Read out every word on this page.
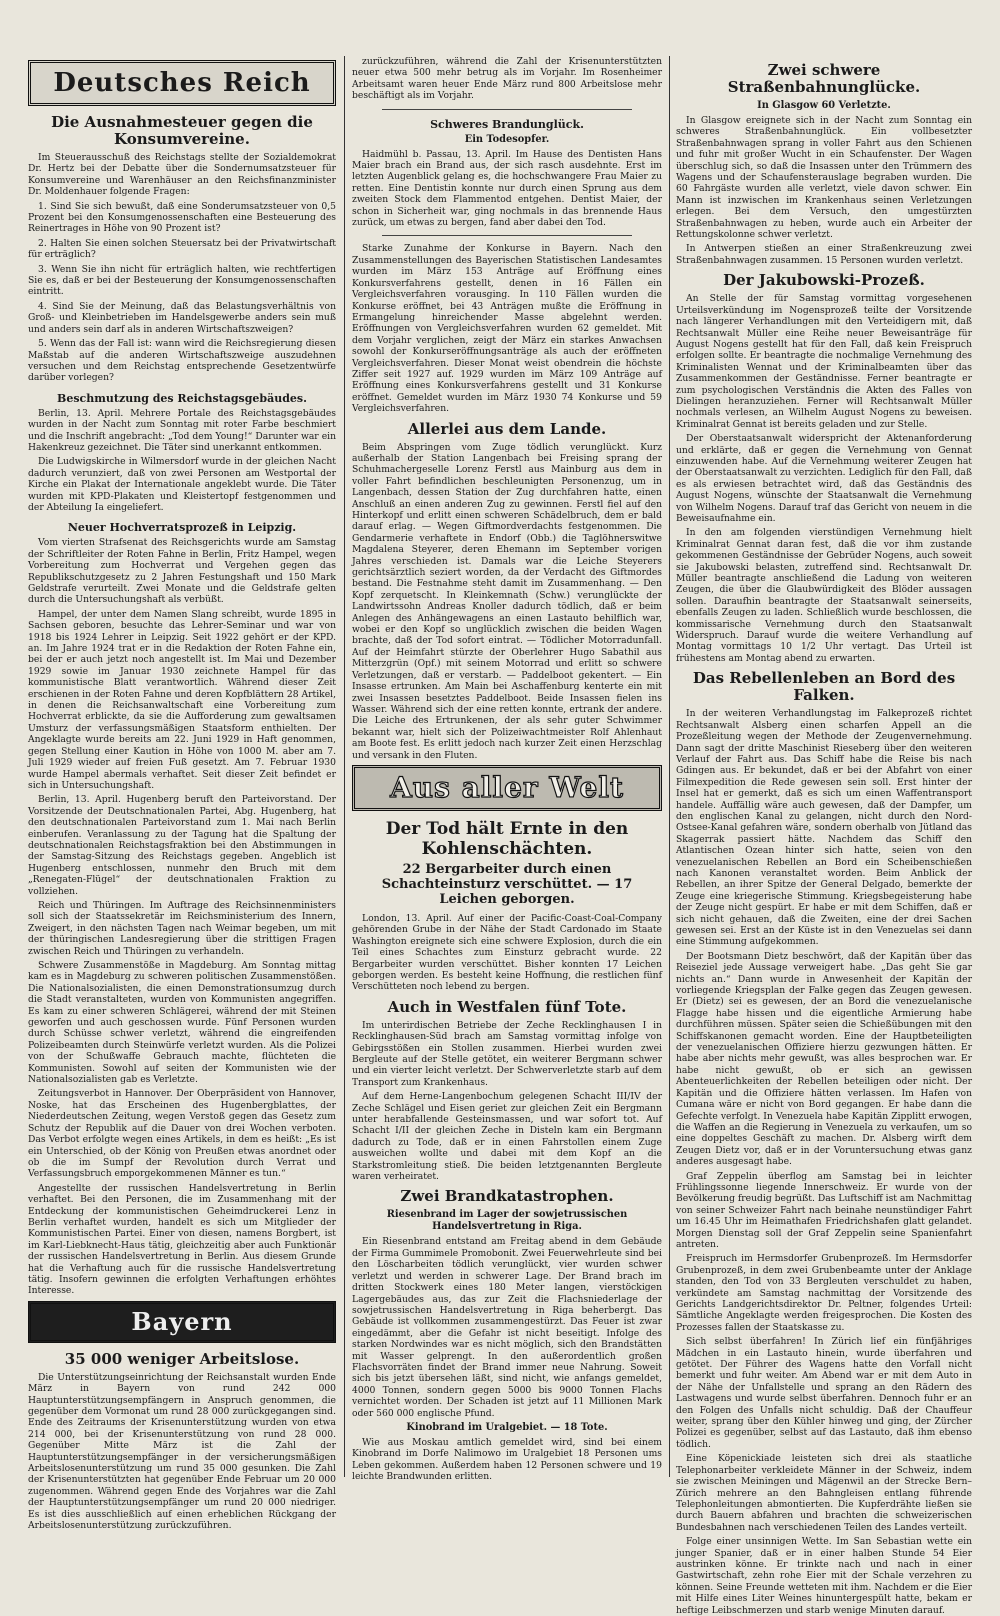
Deutsches Reich
Die Ausnahmesteuer gegen die Konsumvereine.

Im Steuerausschuß des Reichstags stellte der Sozialdemokrat Dr. Hertz bei der Debatte über die Sondernumsatzsteuer für Konsumvereine und Warenhäuser an den Reichsfinanzminister Dr. Moldenhauer folgende Fragen:

1. Sind Sie sich bewußt, daß eine Sonderumsatzsteuer von 0,5 Prozent bei den Konsumgenossenschaften eine Besteuerung des Reinertrages in Höhe von 90 Prozent ist?

2. Halten Sie einen solchen Steuersatz bei der Privatwirtschaft für erträglich?

3. Wenn Sie ihn nicht für erträglich halten, wie rechtfertigen Sie es, daß er bei der Besteuerung der Konsumgenossenschaften eintritt.

4. Sind Sie der Meinung, daß das Belastungsverhältnis von Groß- und Kleinbetrieben im Handelsgewerbe anders sein muß und anders sein darf als in anderen Wirtschaftszweigen?

5. Wenn das der Fall ist: wann wird die Reichsregierung diesen Maßstab auf die anderen Wirtschaftszweige auszudehnen versuchen und dem Reichstag entsprechende Gesetzentwürfe darüber vorlegen?

Beschmutzung des Reichstagsgebäudes.

Berlin, 13. April. Mehrere Portale des Reichstagsgebäudes wurden in der Nacht zum Sonntag mit roter Farbe beschmiert und die Inschrift angebracht: „Tod dem Young!“ Darunter war ein Hakenkreuz gezeichnet. Die Täter sind unerkannt entkommen.

Die Ludwigskirche in Wilmersdorf wurde in der gleichen Nacht dadurch verunziert, daß von zwei Personen am Westportal der Kirche ein Plakat der Internationale angeklebt wurde. Die Täter wurden mit KPD-Plakaten und Kleistertopf festgenommen und der Abteilung Ia eingeliefert.

Neuer Hochverratsprozeß in Leipzig.

Vom vierten Strafsenat des Reichsgerichts wurde am Samstag der Schriftleiter der Roten Fahne in Berlin, Fritz Hampel, wegen Vorbereitung zum Hochverrat und Vergehen gegen das Republikschutzgesetz zu 2 Jahren Festungshaft und 150 Mark Geldstrafe verurteilt. Zwei Monate und die Geldstrafe gelten durch die Untersuchungshaft als verbüßt.

Hampel, der unter dem Namen Slang schreibt, wurde 1895 in Sachsen geboren, besuchte das Lehrer-Seminar und war von 1918 bis 1924 Lehrer in Leipzig. Seit 1922 gehört er der KPD. an. Im Jahre 1924 trat er in die Redaktion der Roten Fahne ein, bei der er auch jetzt noch angestellt ist. Im Mai und Dezember 1929 sowie im Januar 1930 zeichnete Hampel für das kommunistische Blatt verantwortlich. Während dieser Zeit erschienen in der Roten Fahne und deren Kopfblättern 28 Artikel, in denen die Reichsanwaltschaft eine Vorbereitung zum Hochverrat erblickte, da sie die Aufforderung zum gewaltsamen Umsturz der verfassungsmäßigen Staatsform enthielten. Der Angeklagte wurde bereits am 22. Juni 1929 in Haft genommen, gegen Stellung einer Kaution in Höhe von 1000 M. aber am 7. Juli 1929 wieder auf freien Fuß gesetzt. Am 7. Februar 1930 wurde Hampel abermals verhaftet. Seit dieser Zeit befindet er sich in Untersuchungshaft.

Berlin, 13. April. Hugenberg beruft den Parteivorstand. Der Vorsitzende der Deutschnationalen Partei, Abg. Hugenberg, hat den deutschnationalen Parteivorstand zum 1. Mai nach Berlin einberufen. Veranlassung zu der Tagung hat die Spaltung der deutschnationalen Reichstagsfraktion bei den Abstimmungen in der Samstag-Sitzung des Reichstags gegeben. Angeblich ist Hugenberg entschlossen, nunmehr den Bruch mit dem „Renegaten-Flügel“ der deutschnationalen Fraktion zu vollziehen.

Reich und Thüringen. Im Auftrage des Reichsinnenministers soll sich der Staatssekretär im Reichsministerium des Innern, Zweigert, in den nächsten Tagen nach Weimar begeben, um mit der thüringischen Landesregierung über die strittigen Fragen zwischen Reich und Thüringen zu verhandeln.

Schwere Zusammenstöße in Magdeburg. Am Sonntag mittag kam es in Magdeburg zu schweren politischen Zusammenstößen. Die Nationalsozialisten, die einen Demonstrationsumzug durch die Stadt veranstalteten, wurden von Kommunisten angegriffen. Es kam zu einer schweren Schlägerei, während der mit Steinen geworfen und auch geschossen wurde. Fünf Personen wurden durch Schüsse schwer verletzt, während die eingreifenden Polizeibeamten durch Steinwürfe verletzt wurden. Als die Polizei von der Schußwaffe Gebrauch machte, flüchteten die Kommunisten. Sowohl auf seiten der Kommunisten wie der Nationalsozialisten gab es Verletzte.

Zeitungsverbot in Hannover. Der Oberpräsident von Hannover, Noske, hat das Erscheinen des Hugenbergblattes, der Niederdeutschen Zeitung, wegen Verstoß gegen das Gesetz zum Schutz der Republik auf die Dauer von drei Wochen verboten. Das Verbot erfolgte wegen eines Artikels, in dem es heißt: „Es ist ein Unterschied, ob der König von Preußen etwas anordnet oder ob die im Sumpf der Revolution durch Verrat und Verfassungsbruch emporgekommenen Männer es tun.“

Angestellte der russischen Handelsvertretung in Berlin verhaftet. Bei den Personen, die im Zusammenhang mit der Entdeckung der kommunistischen Geheimdruckerei Lenz in Berlin verhaftet wurden, handelt es sich um Mitglieder der Kommunistischen Partei. Einer von diesen, namens Borgbert, ist im Karl-Liebknecht-Haus tätig, gleichzeitig aber auch Funktionär der russischen Handelsvertretung in Berlin. Aus diesem Grunde hat die Verhaftung auch für die russische Handelsvertretung tätig. Insofern gewinnen die erfolgten Verhaftungen erhöhtes Interesse.

Bayern
35 000 weniger Arbeitslose.

Die Unterstützungseinrichtung der Reichsanstalt wurden Ende März in Bayern von rund 242 000 Hauptunterstützungsempfängern in Anspruch genommen, die gegenüber dem Vormonat um rund 28 000 zurückgegangen sind. Ende des Zeitraums der Krisenunterstützung wurden von etwa 214 000, bei der Krisenunterstützung von rund 28 000. Gegenüber Mitte März ist die Zahl der Hauptunterstützungsempfänger in der versicherungsmäßigen Arbeitslosenunterstützung um rund 35 000 gesunken. Die Zahl der Krisenunterstützten hat gegenüber Ende Februar um 20 000 zugenommen. Während gegen Ende des Vorjahres war die Zahl der Hauptunterstützungsempfänger um rund 20 000 niedriger. Es ist dies ausschließlich auf einen erheblichen Rückgang der Arbeitslosenunterstützung zurückzuführen.

zurückzuführen, während die Zahl der Krisenunterstützten neuer etwa 500 mehr betrug als im Vorjahr. Im Rosenheimer Arbeitsamt waren heuer Ende März rund 800 Arbeitslose mehr beschäftigt als im Vorjahr.

Schweres Brandunglück.
Ein Todesopfer.

Haidmühl b. Passau, 13. April. Im Hause des Dentisten Hans Maier brach ein Brand aus, der sich rasch ausdehnte. Erst im letzten Augenblick gelang es, die hochschwangere Frau Maier zu retten. Eine Dentistin konnte nur durch einen Sprung aus dem zweiten Stock dem Flammentod entgehen. Dentist Maier, der schon in Sicherheit war, ging nochmals in das brennende Haus zurück, um etwas zu bergen, fand aber dabei den Tod.

Starke Zunahme der Konkurse in Bayern. Nach den Zusammenstellungen des Bayerischen Statistischen Landesamtes wurden im März 153 Anträge auf Eröffnung eines Konkursverfahrens gestellt, denen in 16 Fällen ein Vergleichsverfahren vorausging. In 110 Fällen wurden die Konkurse eröffnet, bei 43 Anträgen mußte die Eröffnung in Ermangelung hinreichender Masse abgelehnt werden. Eröffnungen von Vergleichsverfahren wurden 62 gemeldet. Mit dem Vorjahr verglichen, zeigt der März ein starkes Anwachsen sowohl der Konkurseröffnungsanträge als auch der eröffneten Vergleichsverfahren. Dieser Monat weist obendrein die höchste Ziffer seit 1927 auf. 1929 wurden im März 109 Anträge auf Eröffnung eines Konkursverfahrens gestellt und 31 Konkurse eröffnet. Gemeldet wurden im März 1930 74 Konkurse und 59 Vergleichsverfahren.

Allerlei aus dem Lande.

Beim Abspringen vom Zuge tödlich verunglückt. Kurz außerhalb der Station Langenbach bei Freising sprang der Schuhmachergeselle Lorenz Ferstl aus Mainburg aus dem in voller Fahrt befindlichen beschleunigten Personenzug, um in Langenbach, dessen Station der Zug durchfahren hatte, einen Anschluß an einen anderen Zug zu gewinnen. Ferstl fiel auf den Hinterkopf und erlitt einen schweren Schädelbruch, dem er bald darauf erlag. — Wegen Giftmordverdachts festgenommen. Die Gendarmerie verhaftete in Endorf (Obb.) die Taglöhnerswitwe Magdalena Steyerer, deren Ehemann im September vorigen Jahres verschieden ist. Damals war die Leiche Steyerers gerichtsärztlich seziert worden, da der Verdacht des Giftmordes bestand. Die Festnahme steht damit im Zusammenhang. — Den Kopf zerquetscht. In Kleinkemnath (Schw.) verunglückte der Landwirtssohn Andreas Knoller dadurch tödlich, daß er beim Anlegen des Anhängewagens an einen Lastauto behilflich war, wobei er den Kopf so unglücklich zwischen die beiden Wagen brachte, daß der Tod sofort eintrat. — Tödlicher Motorradunfall. Auf der Heimfahrt stürzte der Oberlehrer Hugo Sabathil aus Mitterzgrün (Opf.) mit seinem Motorrad und erlitt so schwere Verletzungen, daß er verstarb. — Paddelboot gekentert. — Ein Insasse ertrunken. Am Main bei Aschaffenburg kenterte ein mit zwei Insassen besetztes Paddelboot. Beide Insassen fielen ins Wasser. Während sich der eine retten konnte, ertrank der andere. Die Leiche des Ertrunkenen, der als sehr guter Schwimmer bekannt war, hielt sich der Polizeiwachtmeister Rolf Ahlenhaut am Boote fest. Es erlitt jedoch nach kurzer Zeit einen Herzschlag und versank in den Fluten.

Aus aller Welt
Der Tod hält Ernte in den Kohlenschächten.
22 Bergarbeiter durch einen Schachteinsturz verschüttet. — 17 Leichen geborgen.

London, 13. April. Auf einer der Pacific-Coast-Coal-Company gehörenden Grube in der Nähe der Stadt Cardonado im Staate Washington ereignete sich eine schwere Explosion, durch die ein Teil eines Schachtes zum Einsturz gebracht wurde. 22 Bergarbeiter wurden verschüttet. Bisher konnten 17 Leichen geborgen werden. Es besteht keine Hoffnung, die restlichen fünf Verschütteten noch lebend zu bergen.

Auch in Westfalen fünf Tote.

Im unterirdischen Betriebe der Zeche Recklinghausen I in Recklinghausen-Süd brach am Samstag vormittag infolge von Gebirgsstößen ein Stollen zusammen. Hierbei wurden zwei Bergleute auf der Stelle getötet, ein weiterer Bergmann schwer und ein vierter leicht verletzt. Der Schwerverletzte starb auf dem Transport zum Krankenhaus.

Auf dem Herne-Langenbochum gelegenen Schacht III/IV der Zeche Schlägel und Eisen geriet zur gleichen Zeit ein Bergmann unter herabfallende Gesteinsmassen, und war sofort tot. Auf Schacht I/II der gleichen Zeche in Disteln kam ein Bergmann dadurch zu Tode, daß er in einen Fahrstollen einem Zuge ausweichen wollte und dabei mit dem Kopf an die Starkstromleitung stieß. Die beiden letztgenannten Bergleute waren verheiratet.

Zwei Brandkatastrophen.
Riesenbrand im Lager der sowjetrussischen Handelsvertretung in Riga.

Ein Riesenbrand entstand am Freitag abend in dem Gebäude der Firma Gummimele Promobonit. Zwei Feuerwehrleute sind bei den Löscharbeiten tödlich verunglückt, vier wurden schwer verletzt und werden in schwerer Lage. Der Brand brach im dritten Stockwerk eines 180 Meter langen, vierstöckigen Lagergebäudes aus, das zur Zeit die Flachsniederlage der sowjetrussischen Handelsvertretung in Riga beherbergt. Das Gebäude ist vollkommen zusammengestürzt. Das Feuer ist zwar eingedämmt, aber die Gefahr ist nicht beseitigt. Infolge des starken Nordwindes war es nicht möglich, sich den Brandstätten mit Wasser gelprengt. In den außerordentlich großen Flachsvorräten findet der Brand immer neue Nahrung. Soweit sich bis jetzt übersehen läßt, sind nicht, wie anfangs gemeldet, 4000 Tonnen, sondern gegen 5000 bis 9000 Tonnen Flachs vernichtet worden. Der Schaden ist jetzt auf 11 Millionen Mark oder 560 000 englische Pfund.

Kinobrand im Uralgebiet. — 18 Tote.

Wie aus Moskau amtlich gemeldet wird, sind bei einem Kinobrand im Dorfe Nalimowo im Uralgebiet 18 Personen ums Leben gekommen. Außerdem haben 12 Personen schwere und 19 leichte Brandwunden erlitten.

Zwei schwere Straßenbahnunglücke.
In Glasgow 60 Verletzte.

In Glasgow ereignete sich in der Nacht zum Sonntag ein schweres Straßenbahnunglück. Ein vollbesetzter Straßenbahnwagen sprang in voller Fahrt aus den Schienen und fuhr mit großer Wucht in ein Schaufenster. Der Wagen überschlug sich, so daß die Insassen unter den Trümmern des Wagens und der Schaufensterauslage begraben wurden. Die 60 Fahrgäste wurden alle verletzt, viele davon schwer. Ein Mann ist inzwischen im Krankenhaus seinen Verletzungen erlegen. Bei dem Versuch, den umgestürzten Straßenbahnwagen zu heben, wurde auch ein Arbeiter der Rettungskolonne schwer verletzt.

In Antwerpen stießen an einer Straßenkreuzung zwei Straßenbahnwagen zusammen. 15 Personen wurden verletzt.

Der Jakubowski-Prozeß.

An Stelle der für Samstag vormittag vorgesehenen Urteilsverkündung im Nogensprozeß teilte der Vorsitzende nach längerer Verhandlungen mit den Verteidigern mit, daß Rechtsanwalt Müller eine Reihe neuer Beweisanträge für August Nogens gestellt hat für den Fall, daß kein Freispruch erfolgen sollte. Er beantragte die nochmalige Vernehmung des Kriminalisten Wennat und der Kriminalbeamten über das Zusammenkommen der Geständnisse. Ferner beantragte er zum psychologischen Verständnis die Akten des Falles von Dielingen heranzuziehen. Ferner will Rechtsanwalt Müller nochmals verlesen, an Wilhelm August Nogens zu beweisen. Kriminalrat Gennat ist bereits geladen und zur Stelle.

Der Oberstaatsanwalt widerspricht der Aktenanforderung und erklärte, daß er gegen die Vernehmung von Gennat einzuwenden habe. Auf die Vernehmung weiterer Zeugen hat der Oberstaatsanwalt zu verzichten. Lediglich für den Fall, daß es als erwiesen betrachtet wird, daß das Geständnis des August Nogens, wünschte der Staatsanwalt die Vernehmung von Wilhelm Nogens. Darauf traf das Gericht von neuem in die Beweisaufnahme ein.

In den am folgenden vierstündigen Vernehmung hielt Kriminalrat Gennat daran fest, daß die vor ihm zustande gekommenen Geständnisse der Gebrüder Nogens, auch soweit sie Jakubowski belasten, zutreffend sind. Rechtsanwalt Dr. Müller beantragte anschließend die Ladung von weiteren Zeugen, die über die Glaubwürdigkeit des Blöder aussagen sollen. Daraufhin beantragte der Staatsanwalt seinerseits, ebenfalls Zeugen zu laden. Schließlich wurde beschlossen, die kommissarische Vernehmung durch den Staatsanwalt Widerspruch. Darauf wurde die weitere Verhandlung auf Montag vormittags 10 1/2 Uhr vertagt. Das Urteil ist frühestens am Montag abend zu erwarten.

Das Rebellenleben an Bord des Falken.

In der weiteren Verhandlungstag im Falkeprozeß richtet Rechtsanwalt Alsberg einen scharfen Appell an die Prozeßleitung wegen der Methode der Zeugenvernehmung. Dann sagt der dritte Maschinist Rieseberg über den weiteren Verlauf der Fahrt aus. Das Schiff habe die Reise bis nach Gdingen aus. Er bekundet, daß er bei der Abfahrt von einer Filmexpedition die Rede gewesen sein soll. Erst hinter der Insel hat er gemerkt, daß es sich um einen Waffentransport handele. Auffällig wäre auch gewesen, daß der Dampfer, um den englischen Kanal zu gelangen, nicht durch den Nord-Ostsee-Kanal gefahren wäre, sondern oberhalb von Jütland das Skagerrak passiert hätte. Nachdem das Schiff den Atlantischen Ozean hinter sich hatte, seien von den venezuelanischen Rebellen an Bord ein Scheibenschießen nach Kanonen veranstaltet worden. Beim Anblick der Rebellen, an ihrer Spitze der General Delgado, bemerkte der Zeuge eine kriegerische Stimmung. Kriegsbegeisterung habe der Zeuge nicht gespürt. Er habe er mit dem Schiffen, daß er sich nicht gehauen, daß die Zweiten, eine der drei Sachen gewesen sei. Erst an der Küste ist in den Venezuelas sei dann eine Stimmung aufgekommen.

Der Bootsmann Dietz beschwört, daß der Kapitän über das Reiseziel jede Aussage verweigert habe. „Das geht Sie gar nichts an.“ Dann wurde in Anwesenheit der Kapitän der vorliegende Kriegsplan der Falke gegen das Zeugen gewesen. Er (Dietz) sei es gewesen, der an Bord die venezuelanische Flagge habe hissen und die eigentliche Armierung habe durchführen müssen. Später seien die Schießübungen mit den Schiffskanonen gemacht worden. Eine der Hauptbeteiligten der venezuelanischen Offiziere hierzu gezwungen hätten. Er habe aber nichts mehr gewußt, was alles besprochen war. Er habe nicht gewußt, ob er sich an gewissen Abenteuerlichkeiten der Rebellen beteiligen oder nicht. Der Kapitän und die Offiziere hätten verlassen. Im Hafen von Cumana wäre er nicht von Bord gegangen. Er habe dann die Gefechte verfolgt. In Venezuela habe Kapitän Zipplitt erwogen, die Waffen an die Regierung in Venezuela zu verkaufen, um so eine doppeltes Geschäft zu machen. Dr. Alsberg wirft dem Zeugen Dietz vor, daß er in der Voruntersuchung etwas ganz anderes ausgesagt habe.

Graf Zeppelin überflog am Samstag bei in leichter Frühlingssonne liegende Innerschweiz. Er wurde von der Bevölkerung freudig begrüßt. Das Luftschiff ist am Nachmittag von seiner Schweizer Fahrt nach beinahe neunstündiger Fahrt um 16.45 Uhr im Heimathafen Friedrichshafen glatt gelandet. Morgen Dienstag soll der Graf Zeppelin seine Spanienfahrt antreten.

Freispruch im Hermsdorfer Grubenprozeß. Im Hermsdorfer Grubenprozeß, in dem zwei Grubenbeamte unter der Anklage standen, den Tod von 33 Bergleuten verschuldet zu haben, verkündete am Samstag nachmittag der Vorsitzende des Gerichts Landgerichtsdirektor Dr. Peltner, folgendes Urteil: Sämtliche Angeklagte werden freigesprochen. Die Kosten des Prozesses fallen der Staatskasse zu.

Sich selbst überfahren! In Zürich lief ein fünfjähriges Mädchen in ein Lastauto hinein, wurde überfahren und getötet. Der Führer des Wagens hatte den Vorfall nicht bemerkt und fuhr weiter. Am Abend war er mit dem Auto in der Nähe der Unfallstelle und sprang an den Rädern des Lastwagens und wurde selbst überfahren. Dennoch fuhr er an den Folgen des Unfalls nicht schuldig. Daß der Chauffeur weiter, sprang über den Kühler hinweg und ging, der Zürcher Polizei es gegenüber, selbst auf das Lastauto, daß ihm ebenso tödlich.

Eine Köpenickiade leisteten sich drei als staatliche Telephonarbeiter verkleidete Männer in der Schweiz, indem sie zwischen Meiningen und Mägenwil an der Strecke Bern–Zürich mehrere an den Bahngleisen entlang führende Telephonleitungen abmontierten. Die Kupferdrähte ließen sie durch Bauern abfahren und brachten die schweizerischen Bundesbahnen nach verschiedenen Teilen des Landes verteilt.

Folge einer unsinnigen Wette. Im San Sebastian wette ein junger Spanier, daß er in einer halben Stunde 54 Eier austrinken könne. Er trinkte nach und nach in einer Gastwirtschaft, zehn rohe Eier mit der Schale verzehren zu können. Seine Freunde wetteten mit ihm. Nachdem er die Eier mit Hilfe eines Liter Weines hinuntergespült hatte, bekam er heftige Leibschmerzen und starb wenige Minuten darauf.
